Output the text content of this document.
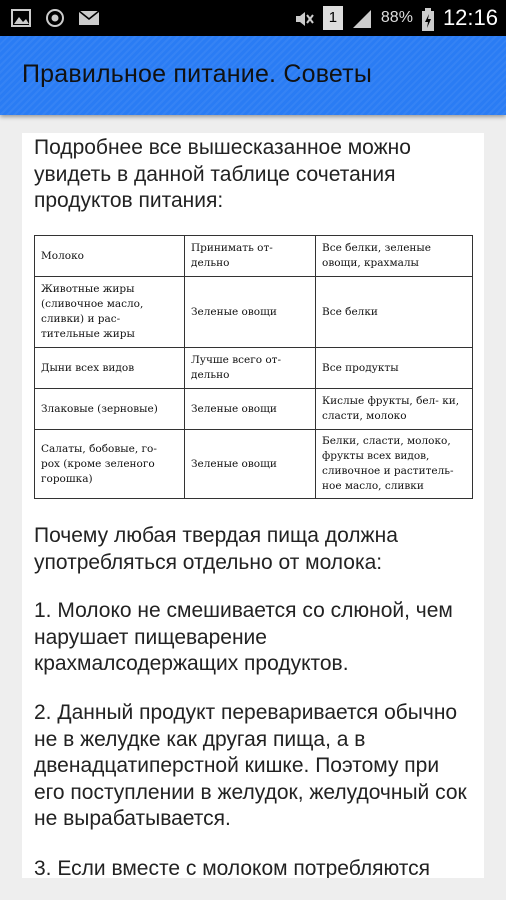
1	88% 12:16
Правильное питание. Советы

Подробнее все вышесказанное можно увидеть в данной таблице сочетания продуктов питания:

Молоко	Принимать от- дельно	Все белки, зеленые овощи, крахмалы
Животные жиры (сливочное масло, сливки) и рас- тительные жиры	Зеленые овощи	Все белки
Дыни всех видов	Лучше всего от- дельно	Все продукты
Злаковые (зерновые)	Зеленые овощи	Кислые фрукты, бел- ки, сласти, молоко
Салаты, бобовые, го- рох (кроме зеленого горошка)	Зеленые овощи	Белки, сласти, молоко, фрукты всех видов, сливочное и раститель- ное масло, сливки

Почему любая твердая пища должна употребляться отдельно от молока:

1. Молоко не смешивается со слюной, чем нарушает пищеварение крахмалсодержащих продуктов.

2. Данный продукт переваривается обычно не в желудке как другая пища, а в двенадцатиперстной кишке. Поэтому при его поступлении в желудок, желудочный сок не вырабатывается.

3. Если вместе с молоком потребляются
